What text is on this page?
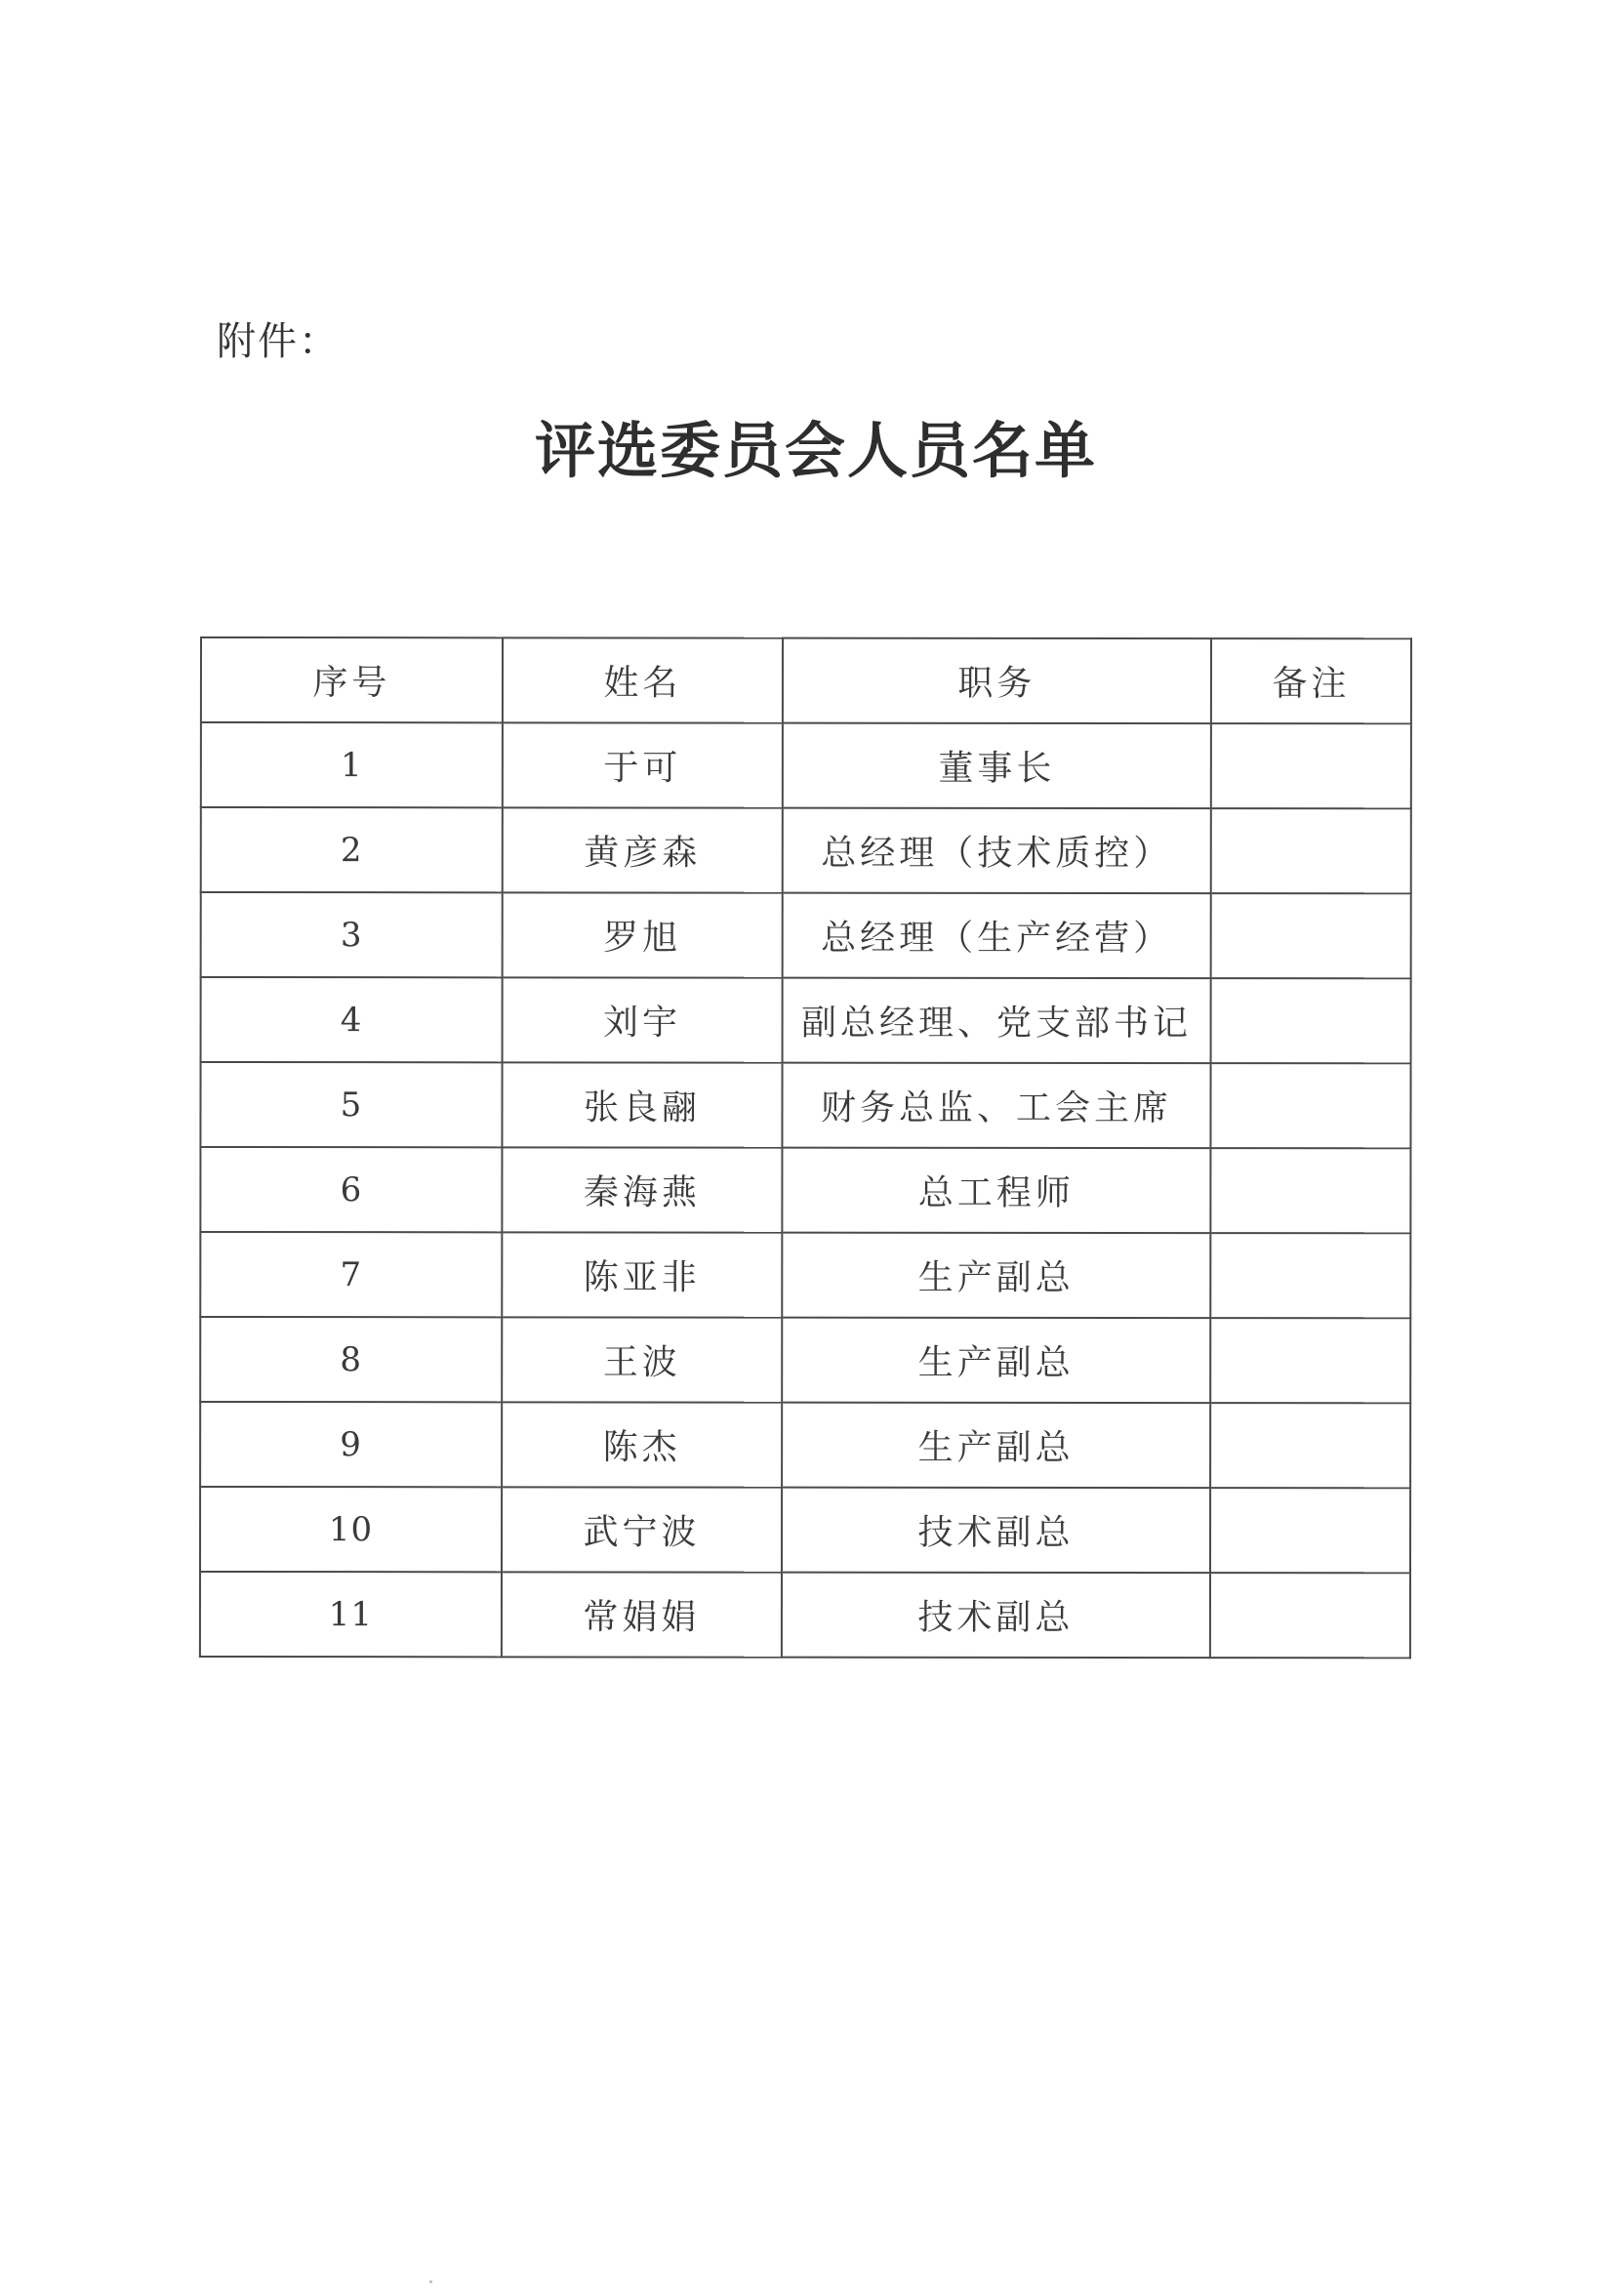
附件：
评选委员会人员名单
序号	姓名	职务	备注
1	于可	董事长	
2	黄彦森	总经理（技术质控）	
3	罗旭	总经理（生产经营）	
4	刘宇	副总经理、党支部书记	
5	张良翮	财务总监、工会主席	
6	秦海燕	总工程师	
7	陈亚非	生产副总	
8	王波	生产副总	
9	陈杰	生产副总	
10	武宁波	技术副总	
11	常娟娟	技术副总	
